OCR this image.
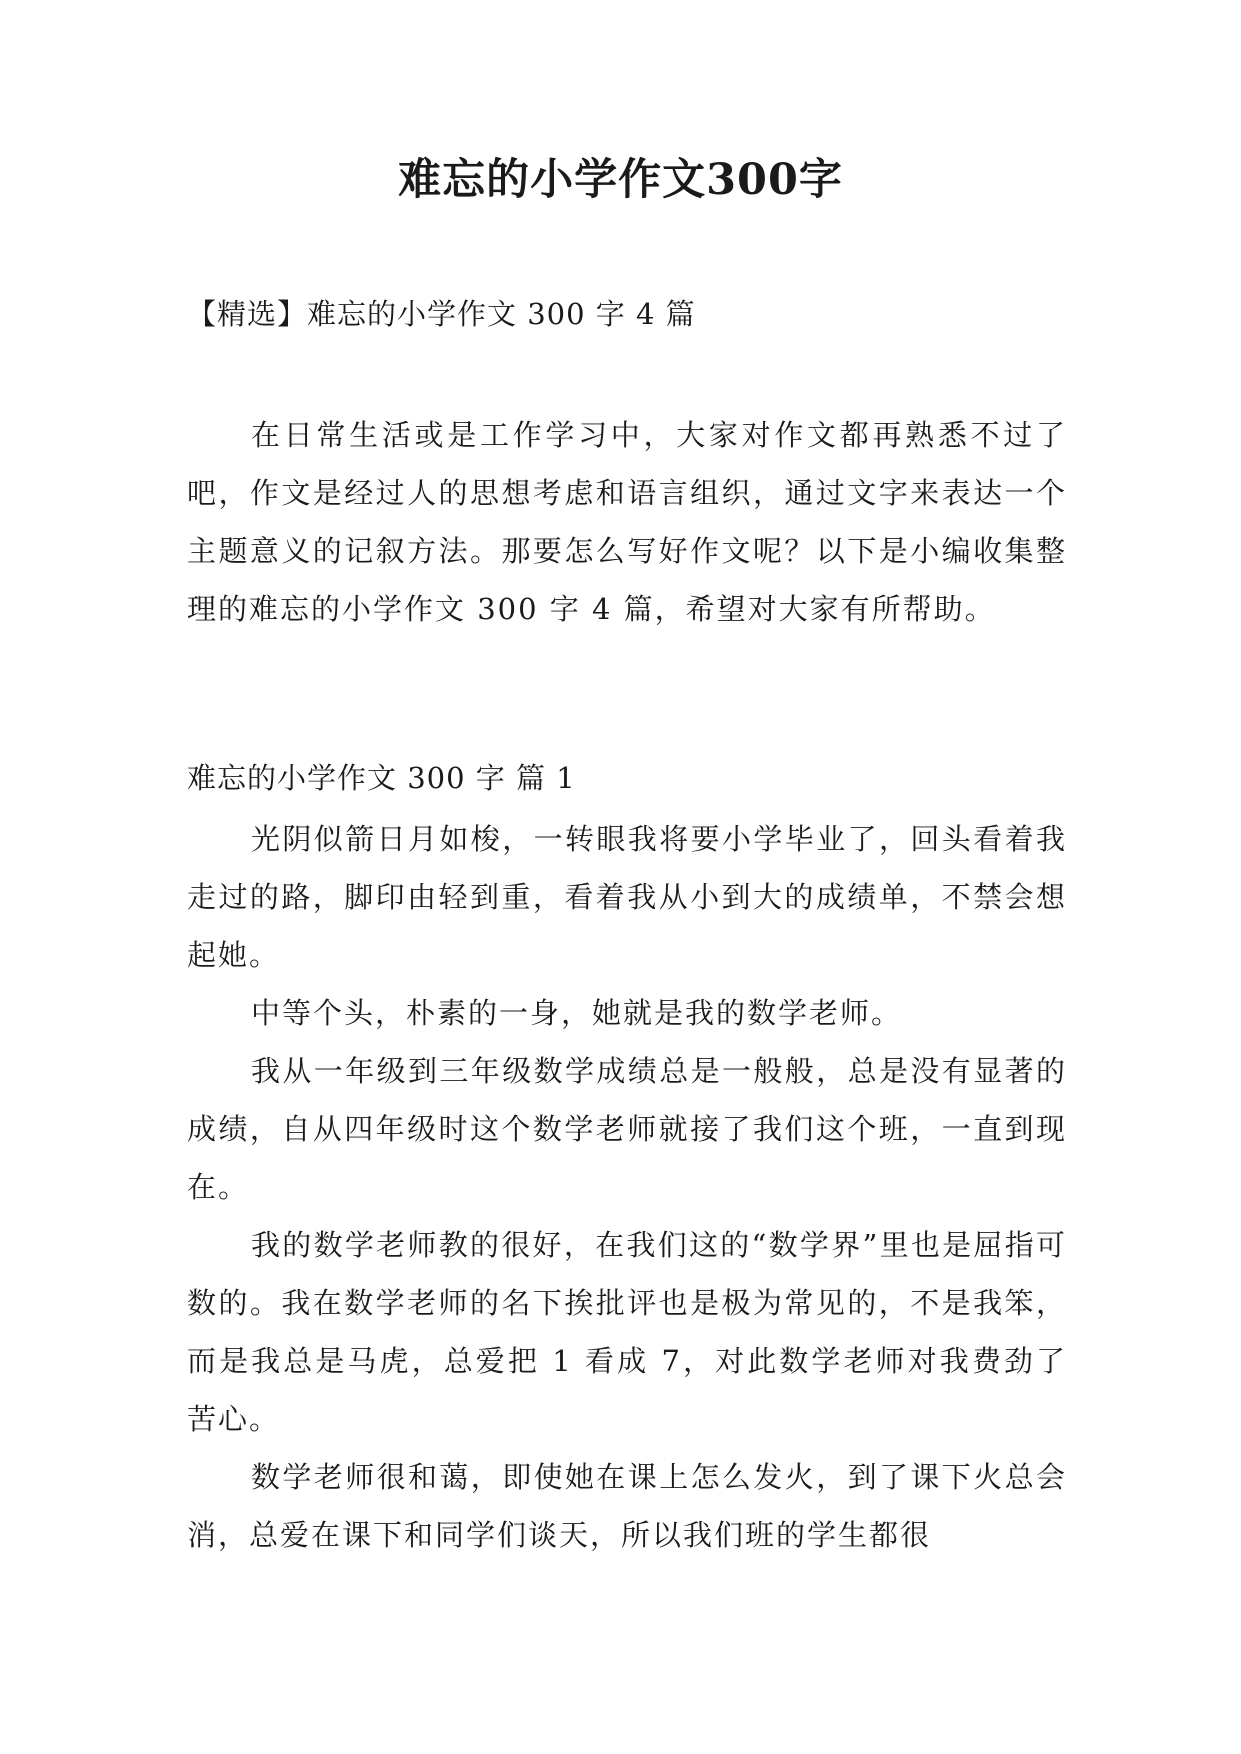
难忘的小学作文300字
【精选】难忘的小学作文 300 字 4 篇

在日常生活或是工作学习中，大家对作文都再熟悉不过了吧，作文是经过人的思想考虑和语言组织，通过文字来表达一个主题意义的记叙方法。那要怎么写好作文呢？以下是小编收集整理的难忘的小学作文 300 字 4 篇，希望对大家有所帮助。

难忘的小学作文 300 字 篇 1

光阴似箭日月如梭，一转眼我将要小学毕业了，回头看着我走过的路，脚印由轻到重，看着我从小到大的成绩单，不禁会想起她。

中等个头，朴素的一身，她就是我的数学老师。

我从一年级到三年级数学成绩总是一般般，总是没有显著的成绩，自从四年级时这个数学老师就接了我们这个班，一直到现在。

我的数学老师教的很好，在我们这的“数学界”里也是屈指可数的。我在数学老师的名下挨批评也是极为常见的，不是我笨，而是我总是马虎，总爱把 1 看成 7，对此数学老师对我费劲了苦心。

数学老师很和蔼，即使她在课上怎么发火，到了课下火总会消，总爱在课下和同学们谈天，所以我们班的学生都很
